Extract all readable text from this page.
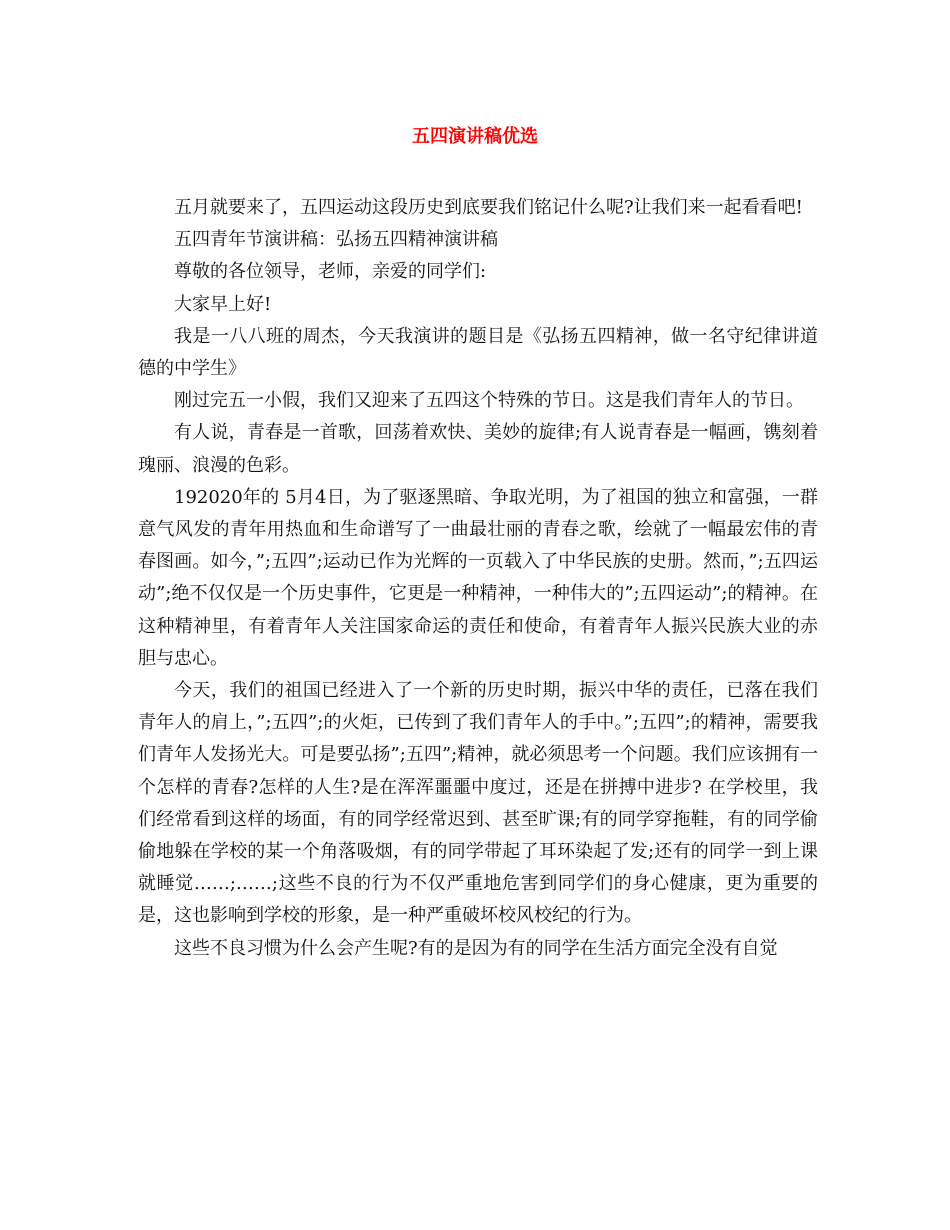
五四演讲稿优选

五月就要来了，五四运动这段历史到底要我们铭记什么呢?让我们来一起看看吧!

五四青年节演讲稿：弘扬五四精神演讲稿

尊敬的各位领导，老师，亲爱的同学们:

大家早上好!

我是一八八班的周杰，今天我演讲的题目是《弘扬五四精神，做一名守纪律讲道德的中学生》

刚过完五一小假，我们又迎来了五四这个特殊的节日。这是我们青年人的节日。

有人说，青春是一首歌，回荡着欢快、美妙的旋律;有人说青春是一幅画，镌刻着瑰丽、浪漫的色彩。

192020年的 5月4日，为了驱逐黑暗、争取光明，为了祖国的独立和富强，一群意气风发的青年用热血和生命谱写了一曲最壮丽的青春之歌，绘就了一幅最宏伟的青春图画。如今，”;五四”;运动已作为光辉的一页载入了中华民族的史册。然而，”;五四运动”;绝不仅仅是一个历史事件，它更是一种精神，一种伟大的”;五四运动”;的精神。在这种精神里，有着青年人关注国家命运的责任和使命，有着青年人振兴民族大业的赤胆与忠心。

今天，我们的祖国已经进入了一个新的历史时期，振兴中华的责任，已落在我们青年人的肩上，”;五四”;的火炬，已传到了我们青年人的手中。”;五四”;的精神，需要我们青年人发扬光大。可是要弘扬”;五四”;精神，就必须思考一个问题。我们应该拥有一个怎样的青春?怎样的人生?是在浑浑噩噩中度过，还是在拼搏中进步? 在学校里，我们经常看到这样的场面，有的同学经常迟到、甚至旷课;有的同学穿拖鞋，有的同学偷偷地躲在学校的某一个角落吸烟，有的同学带起了耳环染起了发;还有的同学一到上课就睡觉……;……;这些不良的行为不仅严重地危害到同学们的身心健康，更为重要的是，这也影响到学校的形象，是一种严重破坏校风校纪的行为。

这些不良习惯为什么会产生呢?有的是因为有的同学在生活方面完全没有自觉
